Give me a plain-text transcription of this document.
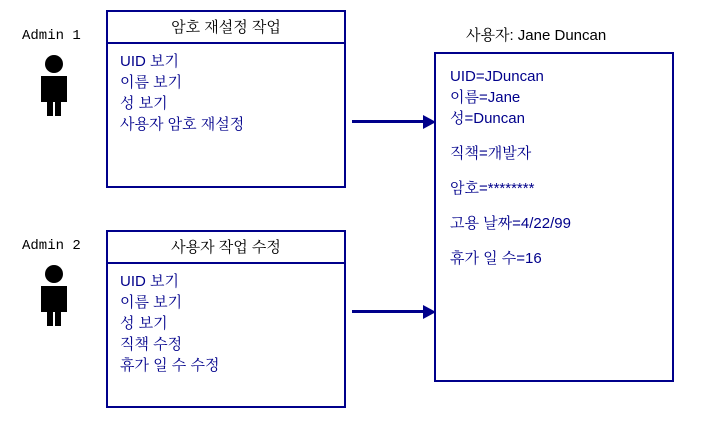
Admin 1
Admin 2
암호 재설정 작업
UID 보기
이름 보기
성 보기
사용자 암호 재설정
사용자 작업 수정
UID 보기
이름 보기
성 보기
직책 수정
휴가 일 수 수정
사용자: Jane Duncan
UID=JDuncan
이름=Jane
성=Duncan
직책=개발자
암호=********
고용 날짜=4/22/99
휴가 일 수=16
